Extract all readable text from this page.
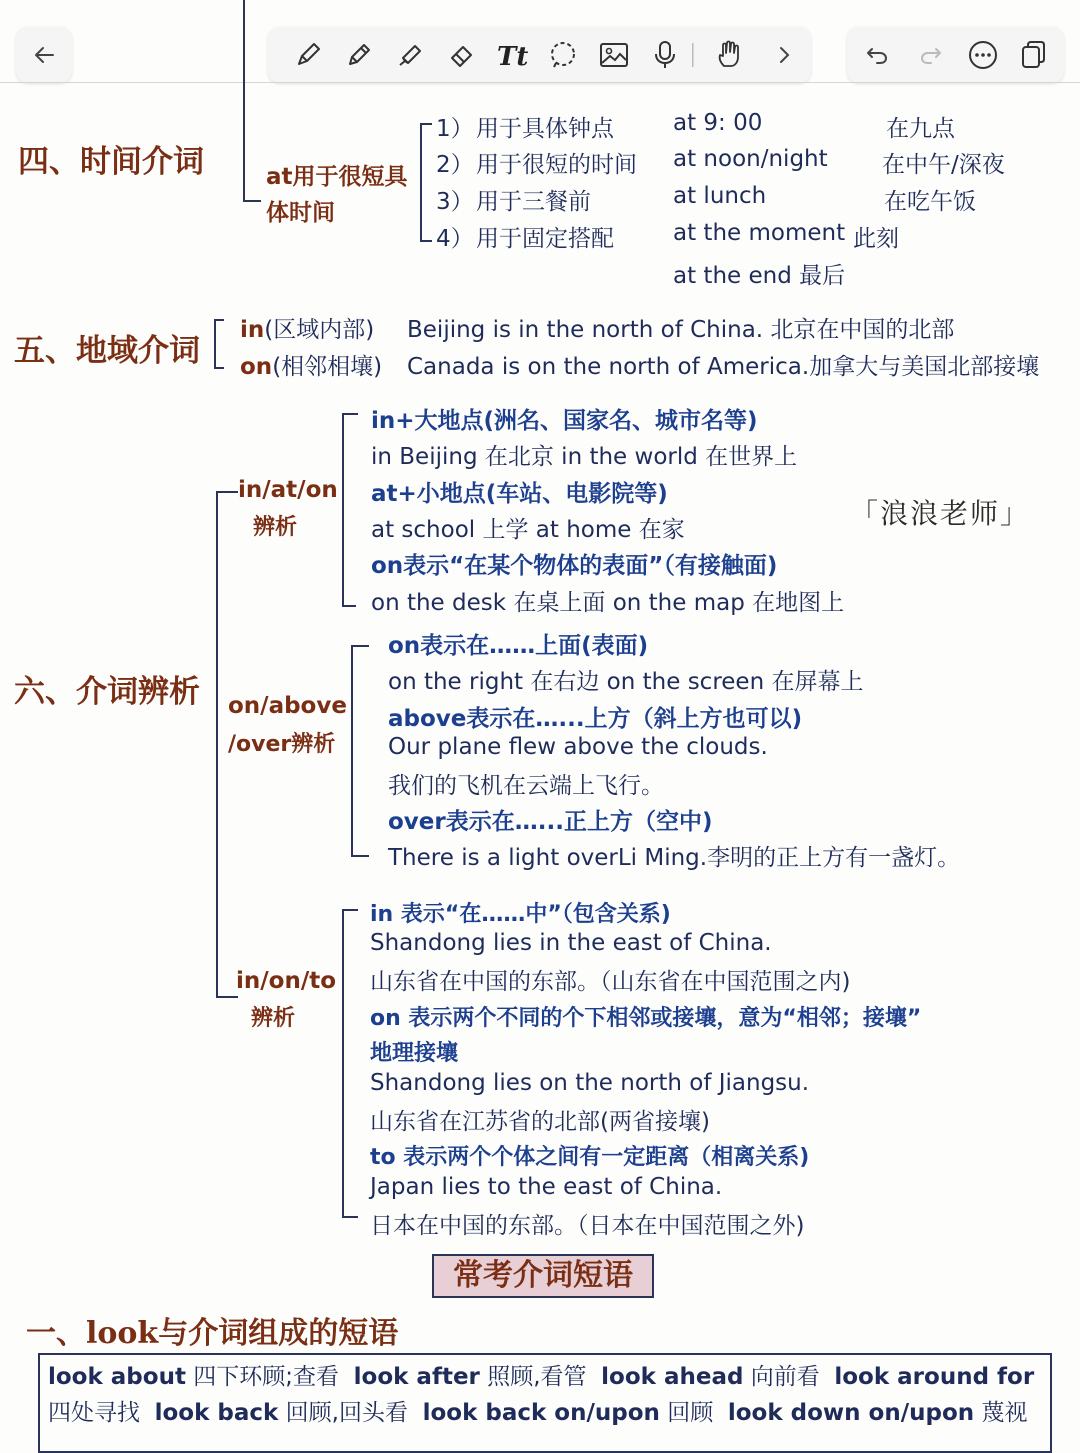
Tt
四、时间介词	at用于很短具
体时间
1） 用于具体钟点	at 9: 00	在九点
2） 用于很短的时间 at noon/night 在中午/深夜
3） 用于三餐前	at lunch	在吃午饭
4） 用于固定搭配	at the moment 此刻
at the end 最后
五、地域介词
in(区域内部) Beijing is in the north of China. 北京在中国的北部
on(相邻相壤) Canada is on the north of America.加拿大与美国北部接壤
六、介词辨析
「浪浪老师」
in/at/on
辨析
in+大地点(洲名、国家名、城市名等)
in Beijing 在北京 in the world 在世界上
at+小地点(车站、电影院等)
at school 上学 at home 在家
on表示“在某个物体的表面”（有接触面)
on the desk 在桌上面 on the map 在地图上
on/above
/over辨析
on表示在……上面(表面)
on the right 在右边 on the screen 在屏幕上
above表示在…...上方（斜上方也可以)
Our plane flew above the clouds.
我们的飞机在云端上飞行。
over表示在…...正上方（空中)
There is a light overLi Ming.李明的正上方有一盏灯。
in/on/to
辨析
in 表示“在……中”（包含关系)
Shandong lies in the east of China.
山东省在中国的东部。（山东省在中国范围之内)
on 表示两个不同的个下相邻或接壤，意为“相邻；接壤”
地理接壤
Shandong lies on the north of Jiangsu.
山东省在江苏省的北部(两省接壤)
to 表示两个个体之间有一定距离（相离关系)
Japan lies to the east of China.
日本在中国的东部。（日本在中国范围之外)
常考介词短语
一、look与介词组成的短语
look about 四下环顾;查看 look after 照顾,看管 look ahead 向前看 look around for
四处寻找 look back 回顾,回头看 look back on/upon 回顾 look down on/upon 蔑视
